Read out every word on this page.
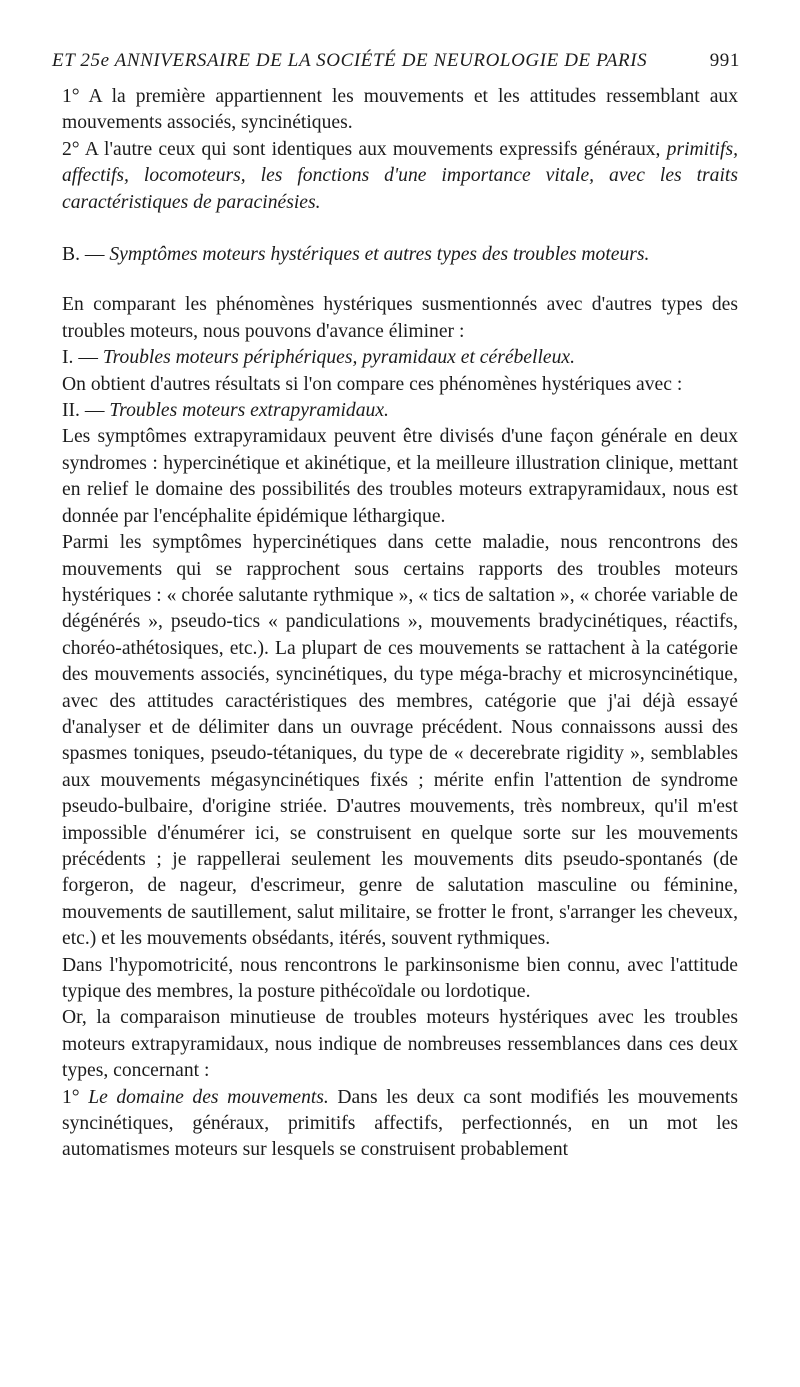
ET 25e ANNIVERSAIRE DE LA SOCIÉTÉ DE NEUROLOGIE DE PARIS	991

1° A la première appartiennent les mouvements et les attitudes ressemblant aux mouvements associés, syncinétiques.

2° A l'autre ceux qui sont identiques aux mouvements expressifs généraux, primitifs, affectifs, locomoteurs, les fonctions d'une importance vitale, avec les traits caractéristiques de paracinésies.

B. — Symptômes moteurs hystériques et autres types des troubles moteurs.

En comparant les phénomènes hystériques susmentionnés avec d'autres types des troubles moteurs, nous pouvons d'avance éliminer :

I. — Troubles moteurs périphériques, pyramidaux et cérébelleux.

On obtient d'autres résultats si l'on compare ces phénomènes hystériques avec :

II. — Troubles moteurs extrapyramidaux.

Les symptômes extrapyramidaux peuvent être divisés d'une façon générale en deux syndromes : hypercinétique et akinétique, et la meilleure illustration clinique, mettant en relief le domaine des possibilités des troubles moteurs extrapyramidaux, nous est donnée par l'encéphalite épidémique léthargique.

Parmi les symptômes hypercinétiques dans cette maladie, nous rencontrons des mouvements qui se rapprochent sous certains rapports des troubles moteurs hystériques : « chorée salutante rythmique », « tics de saltation », « chorée variable de dégénérés », pseudo-tics « pandiculations », mouvements bradycinétiques, réactifs, choréo-athétosiques, etc.). La plupart de ces mouvements se rattachent à la catégorie des mouvements associés, syncinétiques, du type méga-brachy et microsyncinétique, avec des attitudes caractéristiques des membres, catégorie que j'ai déjà essayé d'analyser et de délimiter dans un ouvrage précédent. Nous connaissons aussi des spasmes toniques, pseudo-tétaniques, du type de « decerebrate rigidity », semblables aux mouvements mégasyncinétiques fixés ; mérite enfin l'attention de syndrome pseudo-bulbaire, d'origine striée. D'autres mouvements, très nombreux, qu'il m'est impossible d'énumérer ici, se construisent en quelque sorte sur les mouvements précédents ; je rappellerai seulement les mouvements dits pseudo-spontanés (de forgeron, de nageur, d'escrimeur, genre de salutation masculine ou féminine, mouvements de sautillement, salut militaire, se frotter le front, s'arranger les cheveux, etc.) et les mouvements obsédants, itérés, souvent rythmiques.

Dans l'hypomotricité, nous rencontrons le parkinsonisme bien connu, avec l'attitude typique des membres, la posture pithécoïdale ou lordotique.

Or, la comparaison minutieuse de troubles moteurs hystériques avec les troubles moteurs extrapyramidaux, nous indique de nombreuses ressemblances dans ces deux types, concernant :

1° Le domaine des mouvements. Dans les deux ca sont modifiés les mouvements syncinétiques, généraux, primitifs affectifs, perfectionnés, en un mot les automatismes moteurs sur lesquels se construisent probablement
